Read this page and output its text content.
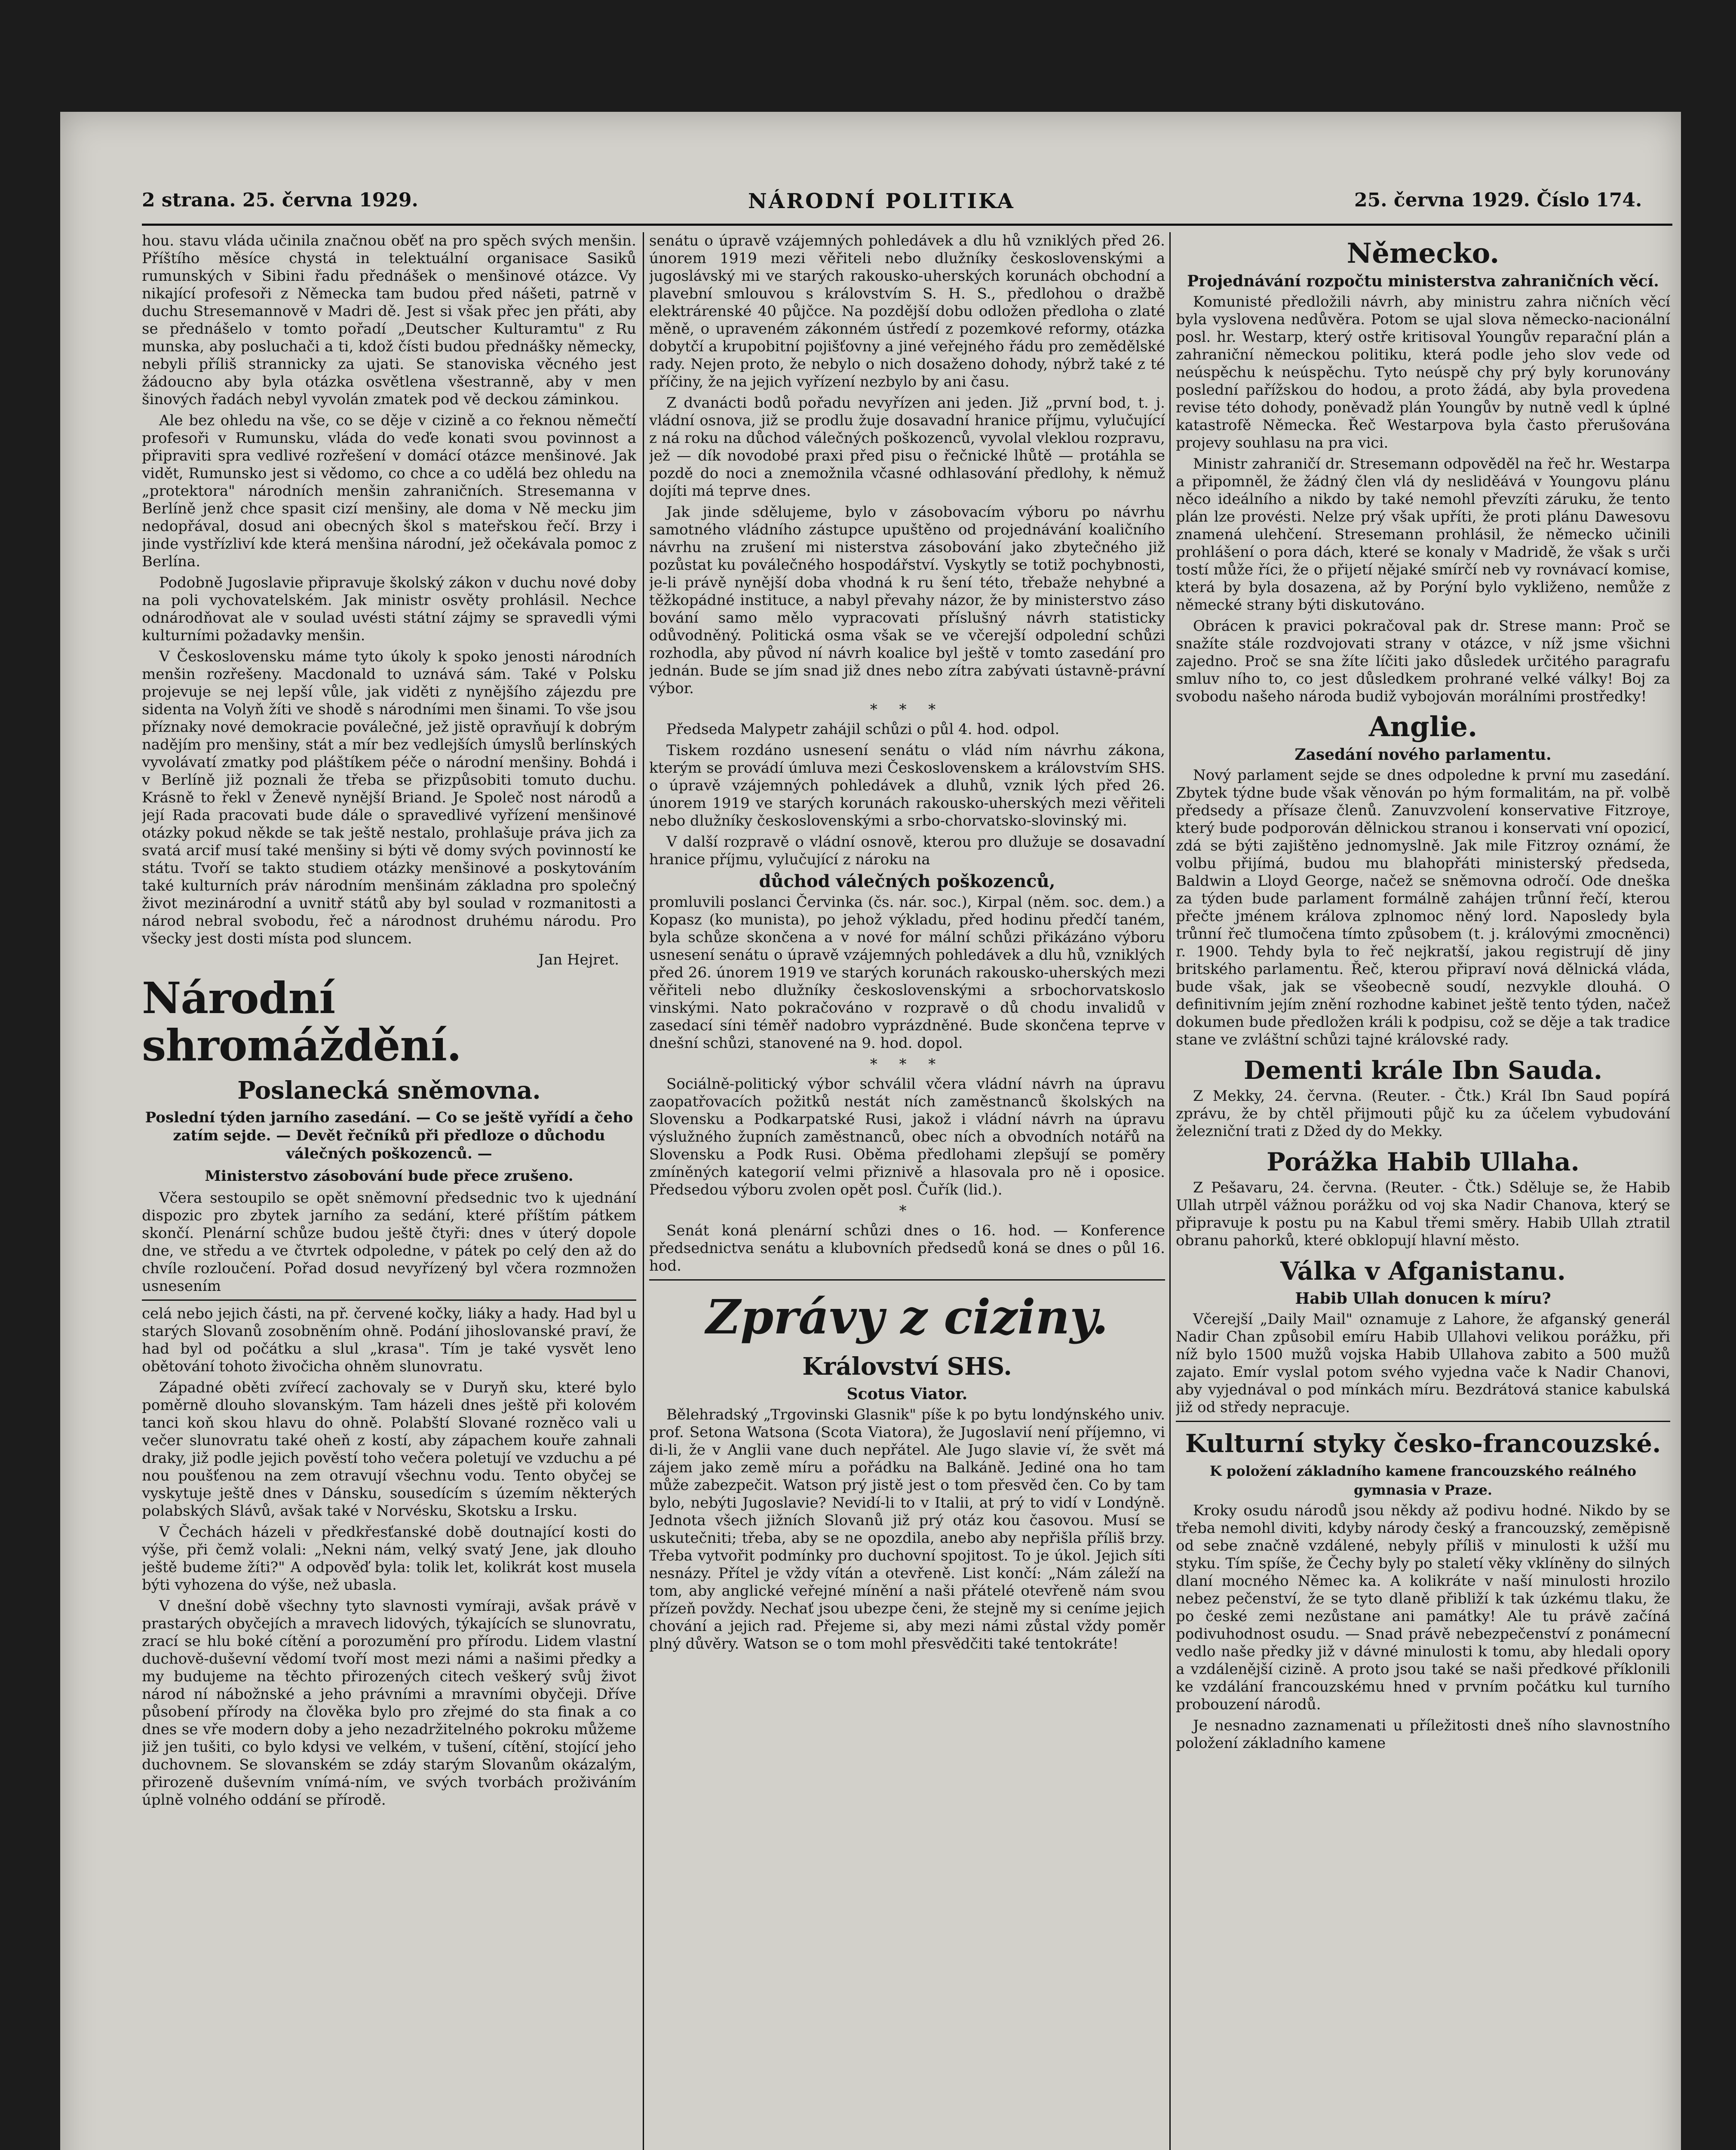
2 strana. 25. června 1929.	NÁRODNÍ POLITIKA	25. června 1929. Číslo 174.

hou. stavu vláda učinila značnou oběť na pro spěch svých menšin. Příštího měsíce chystá in telektuální organisace Sasiků rumunských v Sibini řadu přednášek o menšinové otázce. Vy nikající profesoři z Německa tam budou před nášeti, patrně v duchu Stresemannově v Madri dě. Jest si však přec jen přáti, aby se přednášelo v tomto pořadí „Deutscher Kulturamtu" z Ru munska, aby posluchači a ti, kdož čísti budou přednášky německy, nebyli příliš strannicky za ujati. Se stanoviska věcného jest žádoucno aby byla otázka osvětlena všestranně, aby v men šinových řadách nebyl vyvolán zmatek pod vě deckou záminkou.

Ale bez ohledu na vše, co se děje v cizině a co řeknou němečtí profesoři v Rumunsku, vláda do veďe konati svou povinnost a připraviti spra vedlivé rozřešení v domácí otázce menšinové. Jak vidět, Rumunsko jest si vědomo, co chce a co udělá bez ohledu na „protektora" národních menšin zahraničních. Stresemanna v Berlíně jenž chce spasit cizí menšiny, ale doma v Ně mecku jim nedopřával, dosud ani obecných škol s mateřskou řečí. Brzy i jinde vystřízliví kde která menšina národní, jež očekávala pomoc z Berlína.

Podobně Jugoslavie připravuje školský zákon v duchu nové doby na poli vychovatelském. Jak ministr osvěty prohlásil. Nechce odnárodňovat ale v soulad uvésti státní zájmy se spravedli vými kulturními požadavky menšin.

V Československu máme tyto úkoly k spoko jenosti národních menšin rozřešeny. Macdonald to uznává sám. Také v Polsku projevuje se nej lepší vůle, jak viděti z nynějšího zájezdu pre sidenta na Volyň žíti ve shodě s národními men šinami. To vše jsou příznaky nové demokracie poválečné, jež jistě opravňují k dobrým nadějím pro menšiny, stát a mír bez vedlejších úmyslů berlínských vyvolávatí zmatky pod pláštíkem péče o národní menšiny. Bohdá i v Berlíně již poznali že třeba se přizpůsobiti tomuto duchu. Krásně to řekl v Ženevě nynější Briand. Je Společ nost národů a její Rada pracovati bude dále o spravedlivé vyřízení menšinové otázky pokud někde se tak ještě nestalo, prohlašuje práva jich za svatá arcif musí také menšiny si býti vě domy svých povinností ke státu. Tvoří se takto studiem otázky menšinové a poskytováním také kulturních práv národním menšinám základna pro společný život mezinárodní a uvnitř států aby byl soulad v rozmanitosti a národ nebral svobodu, řeč a národnost druhému národu. Pro všecky jest dosti místa pod sluncem.

Jan Hejret.
Národní shromáždění.
Poslanecká sněmovna.
Poslední týden jarního zasedání. — Co se ještě vyřídí a čeho zatím sejde. — Devět řečníků při předloze o důchodu válečných poškozenců. —
Ministerstvo zásobování bude přece zrušeno.

Včera sestoupilo se opět sněmovní předsednic tvo k ujednání dispozic pro zbytek jarního za sedání, které příštím pátkem skončí. Plenární schůze budou ještě čtyři: dnes v úterý dopole dne, ve středu a ve čtvrtek odpoledne, v pátek po celý den až do chvíle rozloučení. Pořad dosud nevyřízený byl včera rozmnožen usnesením

celá nebo jejich části, na př. červené kočky, liáky a hady. Had byl u starých Slovanů zosobněním ohně. Podání jihoslovanské praví, že had byl od počátku a slul „krasa". Tím je také vysvět leno obětování tohoto živočicha ohněm slunovratu.

Západné oběti zvířecí zachovaly se v Duryň sku, které bylo poměrně dlouho slovanským. Tam házeli dnes ještě při kolovém tanci koň skou hlavu do ohně. Polabští Slované rozněco vali u večer slunovratu také oheň z kostí, aby zápachem kouře zahnali draky, již podle jejich pověstí toho večera poletují ve vzduchu a pé nou poušťenou na zem otravují všechnu vodu. Tento obyčej se vyskytuje ještě dnes v Dánsku, sousedícím s územím některých polabských Slávů, avšak také v Norvésku, Skotsku a Irsku.

V Čechách házeli v předkřesťanské době doutnající kosti do výše, při čemž volali: „Nekni nám, velký svatý Jene, jak dlouho ještě budeme žíti?" A odpověď byla: tolik let, kolikrát kost musela býti vyhozena do výše, než ubasla.

V dnešní době všechny tyto slavnosti vymíraji, avšak právě v prastarých obyčejích a mravech lidových, týkajících se slunovratu, zrací se hlu boké cítění a porozumění pro přírodu. Lidem vlastní duchově-duševní vědomí tvoří most mezi námi a našimi předky a my budujeme na těchto přirozených citech veškerý svůj život národ ní nábožnské a jeho právními a mravními obyčeji. Dříve působení přírody na člověka bylo pro zřejmé do sta finak a co dnes se vře modern doby a jeho nezadržitelného pokroku můžeme již jen tušiti, co bylo kdysi ve velkém, v tušení, cítění, stojící jeho duchovnem. Se slovanském se zdáy starým Slovanům okázalým, přirozeně duševním vnímá-ním, ve svých tvorbách proživáním úplně volného oddání se přírodě.

senátu o úpravě vzájemných pohledávek a dlu hů vzniklých před 26. únorem 1919 mezi věřiteli nebo dlužníky československými a jugoslávský mi ve starých rakousko-uherských korunách obchodní a plavební smlouvou s královstvím S. H. S., předlohou o dražbě elektrárenské 40 půjčce. Na pozdější dobu odložen předloha o zlaté měně, o upraveném zákonném ústředí z pozemkové reformy, otázka dobytčí a krupobitní pojišťovny a jiné veřejného řádu pro zemědělské rady. Nejen proto, že nebylo o nich dosaženo dohody, nýbrž také z té příčiny, že na jejich vyřízení nezbylo by ani času.

Z dvanácti bodů pořadu nevyřízen ani jeden. Již „první bod, t. j. vládní osnova, již se prodlu žuje dosavadní hranice příjmu, vylučující z ná roku na důchod válečných poškozenců, vyvolal vleklou rozpravu, jež — dík novodobé praxi před pisu o řečnické lhůtě — protáhla se pozdě do noci a znemožnila včasné odhlasování předlohy, k němuž dojíti má teprve dnes.

Jak jinde sdělujeme, bylo v zásobovacím výboru po návrhu samotného vládního zástupce upuštěno od projednávání koaličního návrhu na zrušení mi nisterstva zásobování jako zbytečného již pozůstat ku poválečného hospodářství. Vyskytly se totiž pochybnosti, je-li právě nynější doba vhodná k ru šení této, třebaže nehybné a těžkopádné instituce, a nabyl převahy názor, že by ministerstvo záso bování samo mělo vypracovati příslušný návrh statisticky odůvodněný. Politická osma však se ve včerejší odpolední schůzi rozhodla, aby původ ní návrh koalice byl ještě v tomto zasedání pro jednán. Bude se jím snad již dnes nebo zítra zabývati ústavně-právní výbor.

* * *

Předseda Malypetr zahájil schůzi o půl 4. hod. odpol.

Tiskem rozdáno usnesení senátu o vlád ním návrhu zákona, kterým se provádí úmluva mezi Československem a královstvím SHS. o úpravě vzájemných pohledávek a dluhů, vznik lých před 26. únorem 1919 ve starých korunách rakousko-uherských mezi věřiteli nebo dlužníky československými a srbo-chorvatsko-slovinský mi.

V další rozpravě o vládní osnově, kterou pro dlužuje se dosavadní hranice příjmu, vylučující z nároku na

důchod válečných poškozenců,

promluvili poslanci Červinka (čs. nár. soc.), Kirpal (něm. soc. dem.) a Kopasz (ko munista), po jehož výkladu, před hodinu předčí taném, byla schůze skončena a v nové for mální schůzi přikázáno výboru usnesení senátu o úpravě vzájemných pohledávek a dlu hů, vzniklých před 26. únorem 1919 ve starých korunách rakousko-uherských mezi věřiteli nebo dlužníky československými a srbochorvatskoslo vinskými. Nato pokračováno v rozpravě o dů chodu invalidů v zasedací síni téměř nadobro vyprázdněné. Bude skončena teprve v dnešní schůzi, stanovené na 9. hod. dopol.

* * *

Sociálně-politický výbor schválil včera vládní návrh na úpravu zaopatřovacích požitků nestát ních zaměstnanců školských na Slovensku a Podkarpatské Rusi, jakož i vládní návrh na úpravu výslužného župních zaměstnanců, obec ních a obvodních notářů na Slovensku a Podk Rusi. Oběma předlohami zlepšují se poměry zmíněných kategorií velmi přiznivě a hlasovala pro ně i oposice. Předsedou výboru zvolen opět posl. Čuřík (lid.).

*

Senát koná plenární schůzi dnes o 16. hod. — Konference předsednictva senátu a klubovních předsedů koná se dnes o půl 16. hod.

Zprávy z ciziny.
Království SHS.
Scotus Viator.

Bělehradský „Trgovinski Glasnik" píše k po bytu londýnského univ. prof. Setona Watsona (Scota Viatora), že Jugoslavií není příjemno, vi di-li, že v Anglii vane duch nepřátel. Ale Jugo slavie ví, že svět má zájem jako země míru a pořádku na Balkáně. Jediné ona ho tam může zabezpečit. Watson prý jistě jest o tom přesvěd čen. Co by tam bylo, nebýti Jugoslavie? Nevidí-li to v Italii, at prý to vidí v Londýně. Jednota všech jižních Slovanů již prý otáz kou časovou. Musí se uskutečniti; třeba, aby se ne opozdila, anebo aby nepřišla příliš brzy. Třeba vytvořit podmínky pro duchovní spojitost. To je úkol. Jejich síti nesnázy. Přítel je vždy vítán a otevřeně. List končí: „Nám záleží na tom, aby anglické veřejné mínění a naši přátelé otevřeně nám svou přízeň povždy. Nechať jsou ubezpe čeni, že stejně my si ceníme jejich chování a jejich rad. Přejeme si, aby mezi námi zůstal vždy poměr plný důvěry. Watson se o tom mohl přesvědčiti také tentokráte!

Německo.
Projednávání rozpočtu ministerstva zahraničních věcí.

Komunisté předložili návrh, aby ministru zahra ničních věcí byla vyslovena nedůvěra. Potom se ujal slova německo-nacionální posl. hr. Westarp, který ostře kritisoval Youngův reparační plán a zahraniční německou politiku, která podle jeho slov vede od neúspěchu k neúspěchu. Tyto neúspě chy prý byly korunovány poslední pařížskou do hodou, a proto žádá, aby byla provedena revise této dohody, poněvadž plán Youngův by nutně vedl k úplné katastrofě Německa. Řeč Westarpova byla často přerušována projevy souhlasu na pra vici.

Ministr zahraničí dr. Stresemann odpověděl na řeč hr. Westarpa a připomněl, že žádný člen vlá dy nesliděává v Youngovu plánu něco ideálního a nikdo by také nemohl převzíti záruku, že tento plán lze provésti. Nelze prý však upříti, že proti plánu Dawesovu znamená ulehčení. Stresemann prohlásil, že německo učinili prohlášení o pora dách, které se konaly v Madridě, že však s urči tostí může říci, že o přijetí nějaké smírčí neb vy rovnávací komise, která by byla dosazena, až by Porýní bylo vykliženo, nemůže z německé strany býti diskutováno.

Obrácen k pravici pokračoval pak dr. Strese mann: Proč se snažíte stále rozdvojovati strany v otázce, v níž jsme všichni zajedno. Proč se sna žíte líčiti jako důsledek určitého paragrafu smluv ního to, co jest důsledkem prohrané velké války! Boj za svobodu našeho národa budiž vybojován morálními prostředky!

Anglie.
Zasedání nového parlamentu.

Nový parlament sejde se dnes odpoledne k první mu zasedání. Zbytek týdne bude však věnován po hým formalitám, na př. volbě předsedy a přísaze členů. Zanuvzvolení konservative Fitzroye, který bude podporován dělnickou stranou i konservati vní opozicí, zdá se býti zajištěno jednomyslně. Jak mile Fitzroy oznámí, že volbu přijímá, budou mu blahopřáti ministerský předseda, Baldwin a Lloyd George, načež se sněmovna odročí. Ode dneška za týden bude parlament formálně zahájen trůnní řečí, kterou přečte jménem králova zplnomoc něný lord. Naposledy byla trůnní řeč tlumočena tímto způsobem (t. j. královými zmocněnci) r. 1900. Tehdy byla to řeč nejkratší, jakou registrují dě jiny britského parlamentu. Řeč, kterou připraví nová dělnická vláda, bude však, jak se všeobecně soudí, nezvykle dlouhá. O definitivním jejím znění rozhodne kabinet ještě tento týden, načež dokumen bude předložen králi k podpisu, což se děje a tak tradice stane ve zvláštní schůzi tajné královské rady.

Dementi krále Ibn Sauda.

Z Mekky, 24. června. (Reuter. - Čtk.) Král Ibn Saud popírá zprávu, že by chtěl přijmouti půjč ku za účelem vybudování železniční trati z Džed dy do Mekky.

Porážka Habib Ullaha.

Z Pešavaru, 24. června. (Reuter. - Čtk.) Sděluje se, že Habib Ullah utrpěl vážnou porážku od voj ska Nadir Chanova, který se připravuje k postu pu na Kabul třemi směry. Habib Ullah ztratil obranu pahorků, které obklopují hlavní město.

Válka v Afganistanu.
Habib Ullah donucen k míru?

Včerejší „Daily Mail" oznamuje z Lahore, že afganský generál Nadir Chan způsobil emíru Habib Ullahovi velikou porážku, při níž bylo 1500 mužů vojska Habib Ullahova zabito a 500 mužů zajato. Emír vyslal potom svého vyjedna vače k Nadir Chanovi, aby vyjednával o pod mínkách míru. Bezdrátová stanice kabulská již od středy nepracuje.

Kulturní styky česko-francouzské.
K položení základního kamene francouzského reálného gymnasia v Praze.

Kroky osudu národů jsou někdy až podivu hodné. Nikdo by se třeba nemohl diviti, kdyby národy český a francouzský, zeměpisně od sebe značně vzdálené, nebyly příliš v minulosti k užší mu styku. Tím spíše, že Čechy byly po staletí věky vklíněny do silných dlaní mocného Němec ka. A kolikráte v naší minulosti hrozilo nebez pečenství, že se tyto dlaně přibliží k tak úzkému tlaku, že po české zemi nezůstane ani památky! Ale tu právě začíná podivuhodnost osudu. — Snad právě nebezpečenství z ponámecní vedlo naše předky již v dávné minulosti k tomu, aby hledali opory a vzdálenější cizině. A proto jsou také se naši předkové příklonili ke vzdálání francouzskému hned v prvním počátku kul turního probouzení národů.

Je nesnadno zaznamenati u příležitosti dneš ního slavnostního položení základního kamene
